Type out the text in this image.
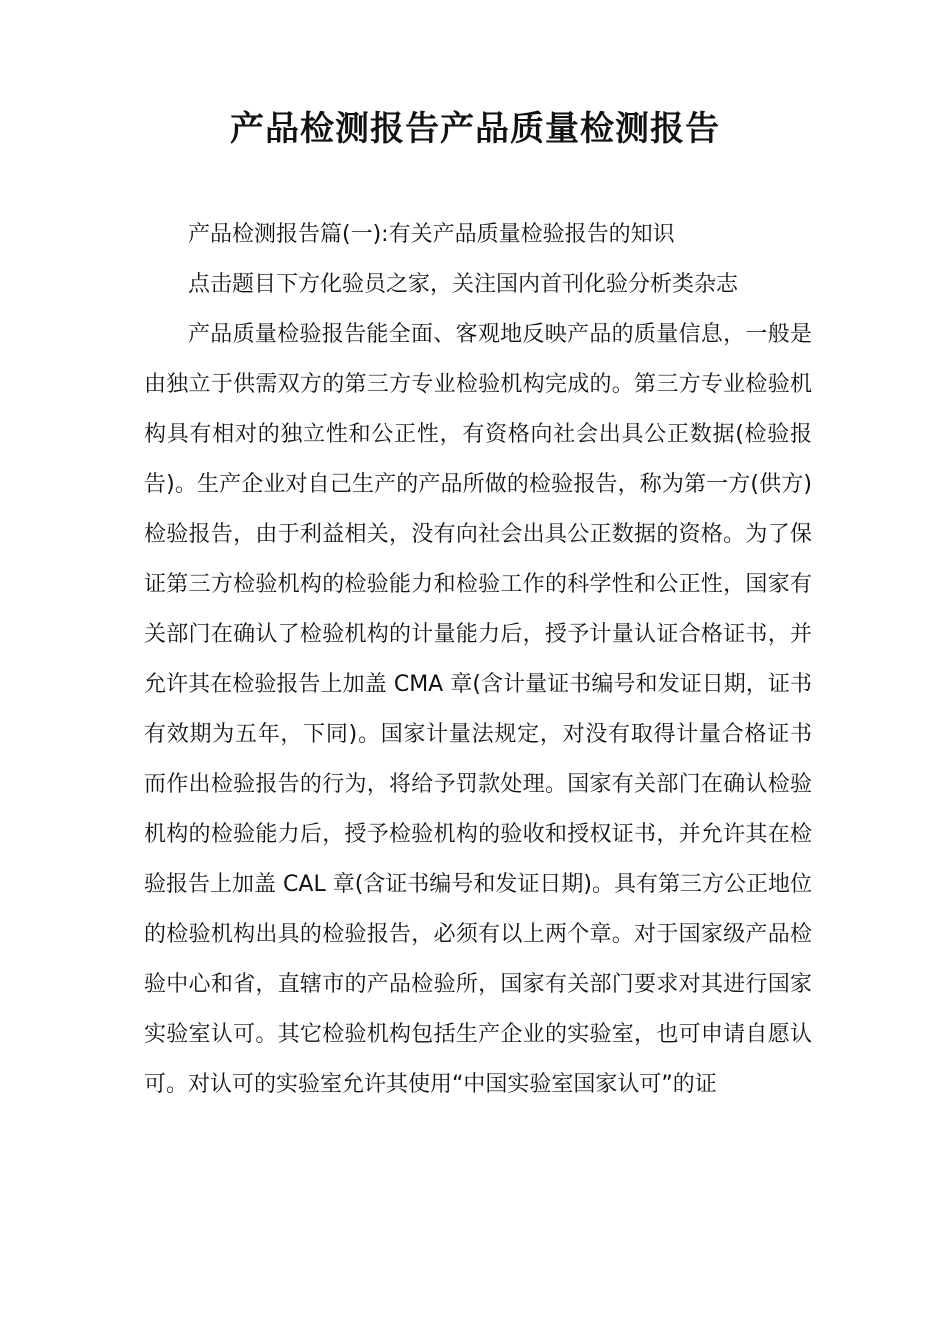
产品检测报告产品质量检测报告

产品检测报告篇(一):有关产品质量检验报告的知识

点击题目下方化验员之家，关注国内首刊化验分析类杂志

产品质量检验报告能全面、客观地反映产品的质量信息，一般是由独立于供需双方的第三方专业检验机构完成的。第三方专业检验机构具有相对的独立性和公正性，有资格向社会出具公正数据(检验报告)。生产企业对自己生产的产品所做的检验报告，称为第一方(供方)检验报告，由于利益相关，没有向社会出具公正数据的资格。为了保证第三方检验机构的检验能力和检验工作的科学性和公正性，国家有关部门在确认了检验机构的计量能力后，授予计量认证合格证书，并允许其在检验报告上加盖 CMA 章(含计量证书编号和发证日期，证书有效期为五年，下同)。国家计量法规定，对没有取得计量合格证书而作出检验报告的行为，将给予罚款处理。国家有关部门在确认检验机构的检验能力后，授予检验机构的验收和授权证书，并允许其在检验报告上加盖 CAL 章(含证书编号和发证日期)。具有第三方公正地位的检验机构出具的检验报告，必须有以上两个章。对于国家级产品检验中心和省，直辖市的产品检验所，国家有关部门要求对其进行国家实验室认可。其它检验机构包括生产企业的实验室，也可申请自愿认可。对认可的实验室允许其使用“中国实验室国家认可”的证
